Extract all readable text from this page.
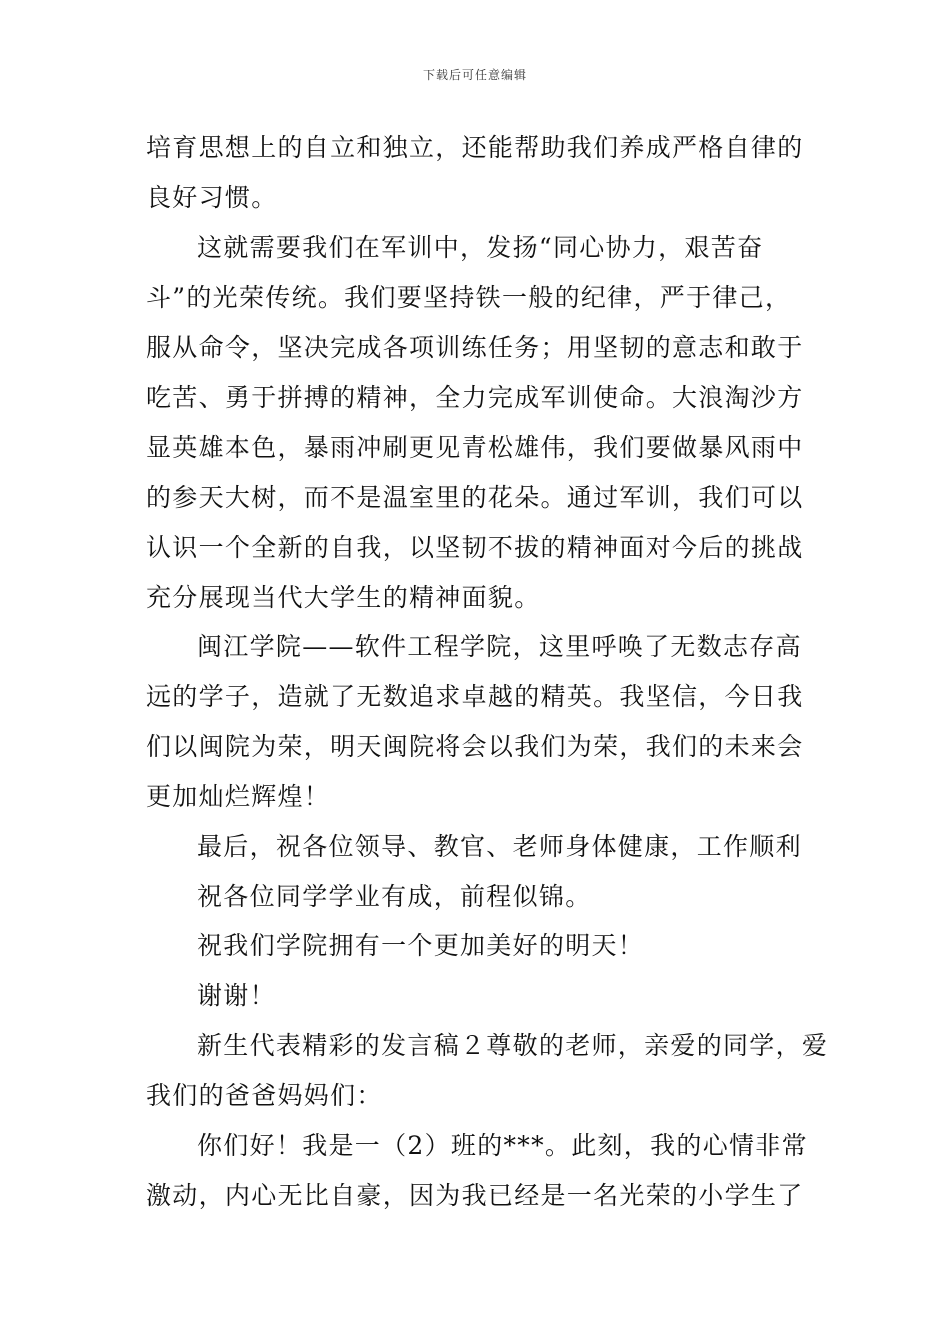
下载后可任意编辑
培育思想上的自立和独立，还能帮助我们养成严格自律的
良好习惯。
这就需要我们在军训中，发扬“同心协力，艰苦奋
斗”的光荣传统。我们要坚持铁一般的纪律，严于律己，
服从命令，坚决完成各项训练任务；用坚韧的意志和敢于
吃苦、勇于拼搏的精神，全力完成军训使命。大浪淘沙方
显英雄本色，暴雨冲刷更见青松雄伟，我们要做暴风雨中
的参天大树，而不是温室里的花朵。通过军训，我们可以
认识一个全新的自我，以坚韧不拔的精神面对今后的挑战
充分展现当代大学生的精神面貌。
闽江学院——软件工程学院，这里呼唤了无数志存高
远的学子，造就了无数追求卓越的精英。我坚信，今日我
们以闽院为荣，明天闽院将会以我们为荣，我们的未来会
更加灿烂辉煌！
最后，祝各位领导、教官、老师身体健康，工作顺利
祝各位同学学业有成，前程似锦。
祝我们学院拥有一个更加美好的明天！
谢谢！
新生代表精彩的发言稿２尊敬的老师，亲爱的同学，爱
我们的爸爸妈妈们：
你们好！我是一（2）班的***。此刻，我的心情非常
激动，内心无比自豪，因为我已经是一名光荣的小学生了
